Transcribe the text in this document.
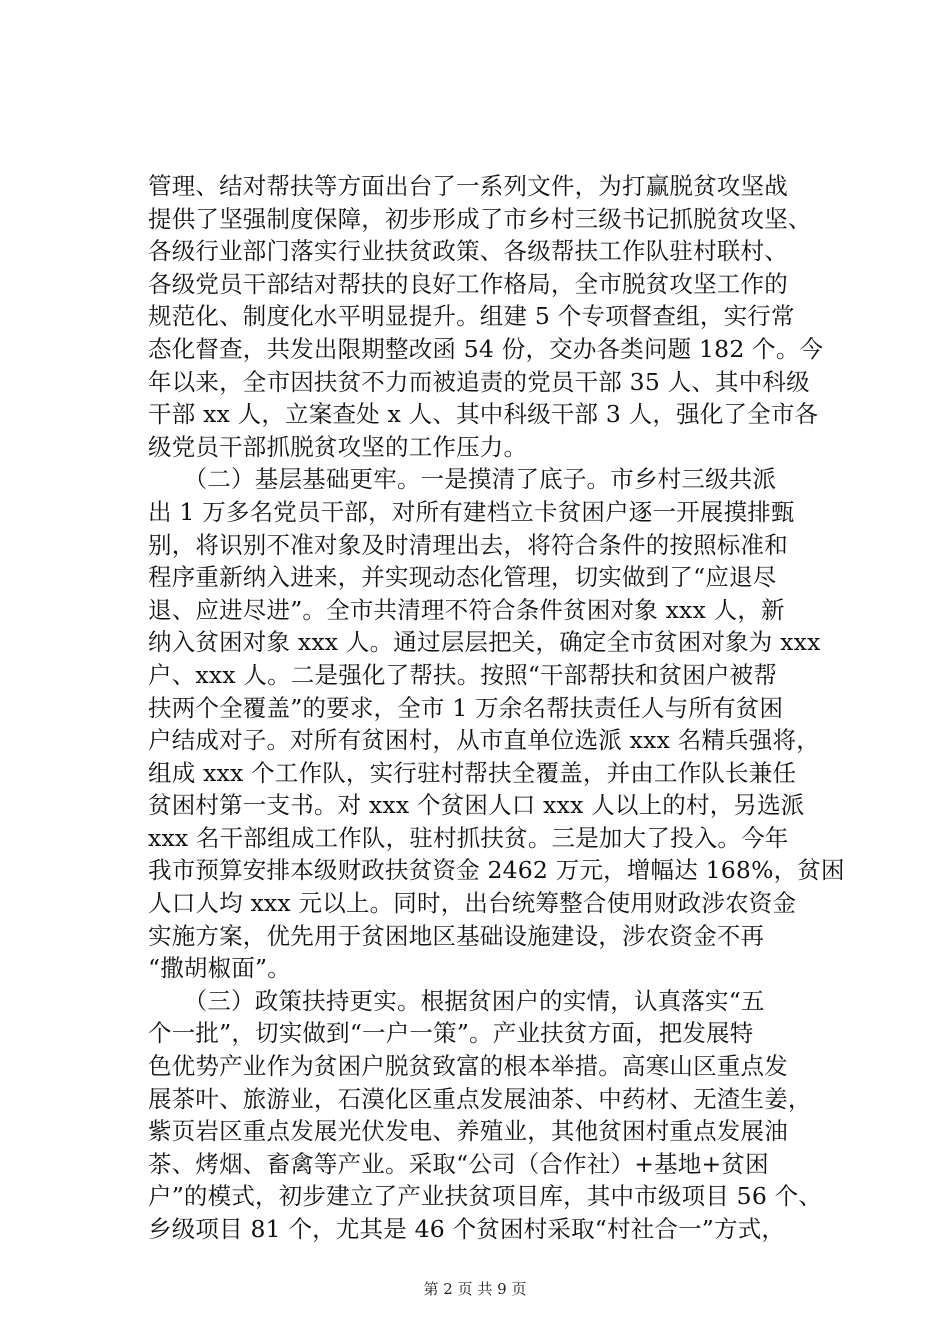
管理、结对帮扶等方面出台了一系列文件，为打赢脱贫攻坚战
提供了坚强制度保障，初步形成了市乡村三级书记抓脱贫攻坚、
各级行业部门落实行业扶贫政策、各级帮扶工作队驻村联村、
各级党员干部结对帮扶的良好工作格局，全市脱贫攻坚工作的
规范化、制度化水平明显提升。组建 5 个专项督查组，实行常
态化督查，共发出限期整改函 54 份，交办各类问题 182 个。今
年以来，全市因扶贫不力而被追责的党员干部 35 人、其中科级
干部 xx 人，立案查处 x 人、其中科级干部 3 人，强化了全市各
级党员干部抓脱贫攻坚的工作压力。
　　（二）基层基础更牢。一是摸清了底子。市乡村三级共派
出 1 万多名党员干部，对所有建档立卡贫困户逐一开展摸排甄
别，将识别不准对象及时清理出去，将符合条件的按照标准和
程序重新纳入进来，并实现动态化管理，切实做到了“应退尽
退、应进尽进”。全市共清理不符合条件贫困对象 xxx 人，新
纳入贫困对象 xxx 人。通过层层把关，确定全市贫困对象为 xxx
户、xxx 人。二是强化了帮扶。按照“干部帮扶和贫困户被帮
扶两个全覆盖”的要求，全市 1 万余名帮扶责任人与所有贫困
户结成对子。对所有贫困村，从市直单位选派 xxx 名精兵强将，
组成 xxx 个工作队，实行驻村帮扶全覆盖，并由工作队长兼任
贫困村第一支书。对 xxx 个贫困人口 xxx 人以上的村，另选派
xxx 名干部组成工作队，驻村抓扶贫。三是加大了投入。今年
我市预算安排本级财政扶贫资金 2462 万元，增幅达 168%，贫困
人口人均 xxx 元以上。同时，出台统筹整合使用财政涉农资金
实施方案，优先用于贫困地区基础设施建设，涉农资金不再
“撒胡椒面”。
　　（三）政策扶持更实。根据贫困户的实情，认真落实“五
个一批”，切实做到“一户一策”。产业扶贫方面，把发展特
色优势产业作为贫困户脱贫致富的根本举措。高寒山区重点发
展茶叶、旅游业，石漠化区重点发展油茶、中药材、无渣生姜，
紫页岩区重点发展光伏发电、养殖业，其他贫困村重点发展油
茶、烤烟、畜禽等产业。采取“公司（合作社）+基地+贫困
户”的模式，初步建立了产业扶贫项目库，其中市级项目 56 个、
乡级项目 81 个，尤其是 46 个贫困村采取“村社合一”方式，
第 2 页 共 9 页
